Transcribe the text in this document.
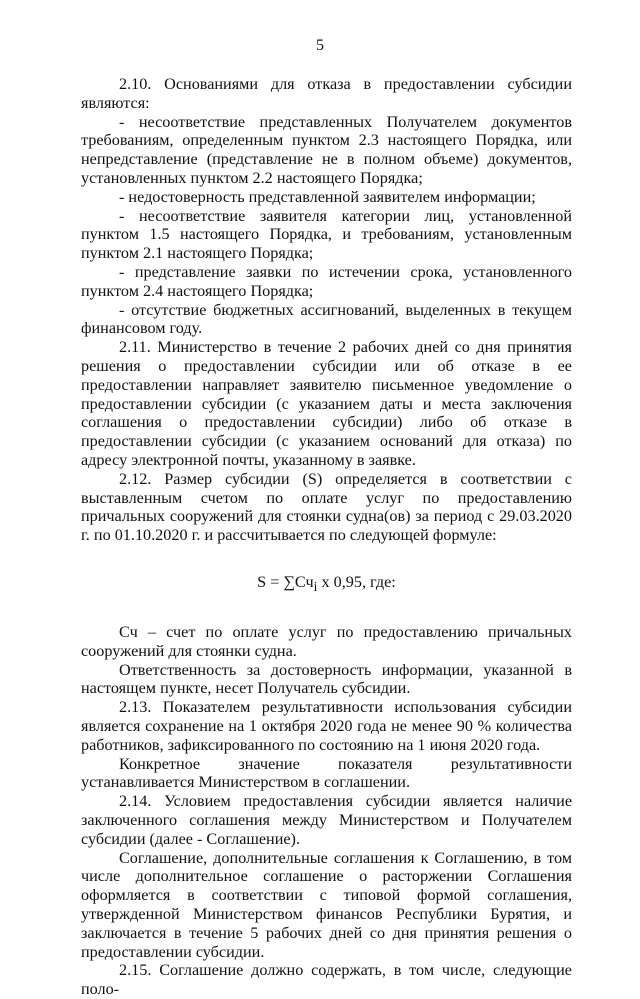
5

2.10. Основаниями для отказа в предоставлении субсидии являются:

- несоответствие представленных Получателем документов требованиям, определенным пунктом 2.3 настоящего Порядка, или непредставление (представление не в полном объеме) документов, установленных пунктом 2.2 настоящего Порядка;

- недостоверность представленной заявителем информации;

- несоответствие заявителя категории лиц, установленной пунктом 1.5 настоящего Порядка, и требованиям, установленным пунктом 2.1 настоящего Порядка;

- представление заявки по истечении срока, установленного пунктом 2.4 настоящего Порядка;

- отсутствие бюджетных ассигнований, выделенных в текущем финансовом году.

2.11. Министерство в течение 2 рабочих дней со дня принятия решения о предоставлении субсидии или об отказе в ее предоставлении направляет заявителю письменное уведомление о предоставлении субсидии (с указанием даты и места заключения соглашения о предоставлении субсидии) либо об отказе в предоставлении субсидии (с указанием оснований для отказа) по адресу электронной почты, указанному в заявке.

2.12. Размер субсидии (S) определяется в соответствии с выставленным счетом по оплате услуг по предоставлению причальных сооружений для стоянки судна(ов) за период с 29.03.2020 г. по 01.10.2020 г. и рассчитывается по следующей формуле:

$S = \sum Сч_i$ х 0,95, где:

Сч – счет по оплате услуг по предоставлению причальных сооружений для стоянки судна.

Ответственность за достоверность информации, указанной в настоящем пункте, несет Получатель субсидии.

2.13. Показателем результативности использования субсидии является сохранение на 1 октября 2020 года не менее 90 % количества работников, зафиксированного по состоянию на 1 июня 2020 года.

Конкретное значение показателя результативности устанавливается Министерством в соглашении.

2.14. Условием предоставления субсидии является наличие заключенного соглашения между Министерством и Получателем субсидии (далее - Соглашение).

Соглашение, дополнительные соглашения к Соглашению, в том числе дополнительное соглашение о расторжении Соглашения оформляется в соответствии с типовой формой соглашения, утвержденной Министерством финансов Республики Бурятия, и заключается в течение 5 рабочих дней со дня принятия решения о предоставлении субсидии.

2.15. Соглашение должно содержать, в том числе, следующие поло-
